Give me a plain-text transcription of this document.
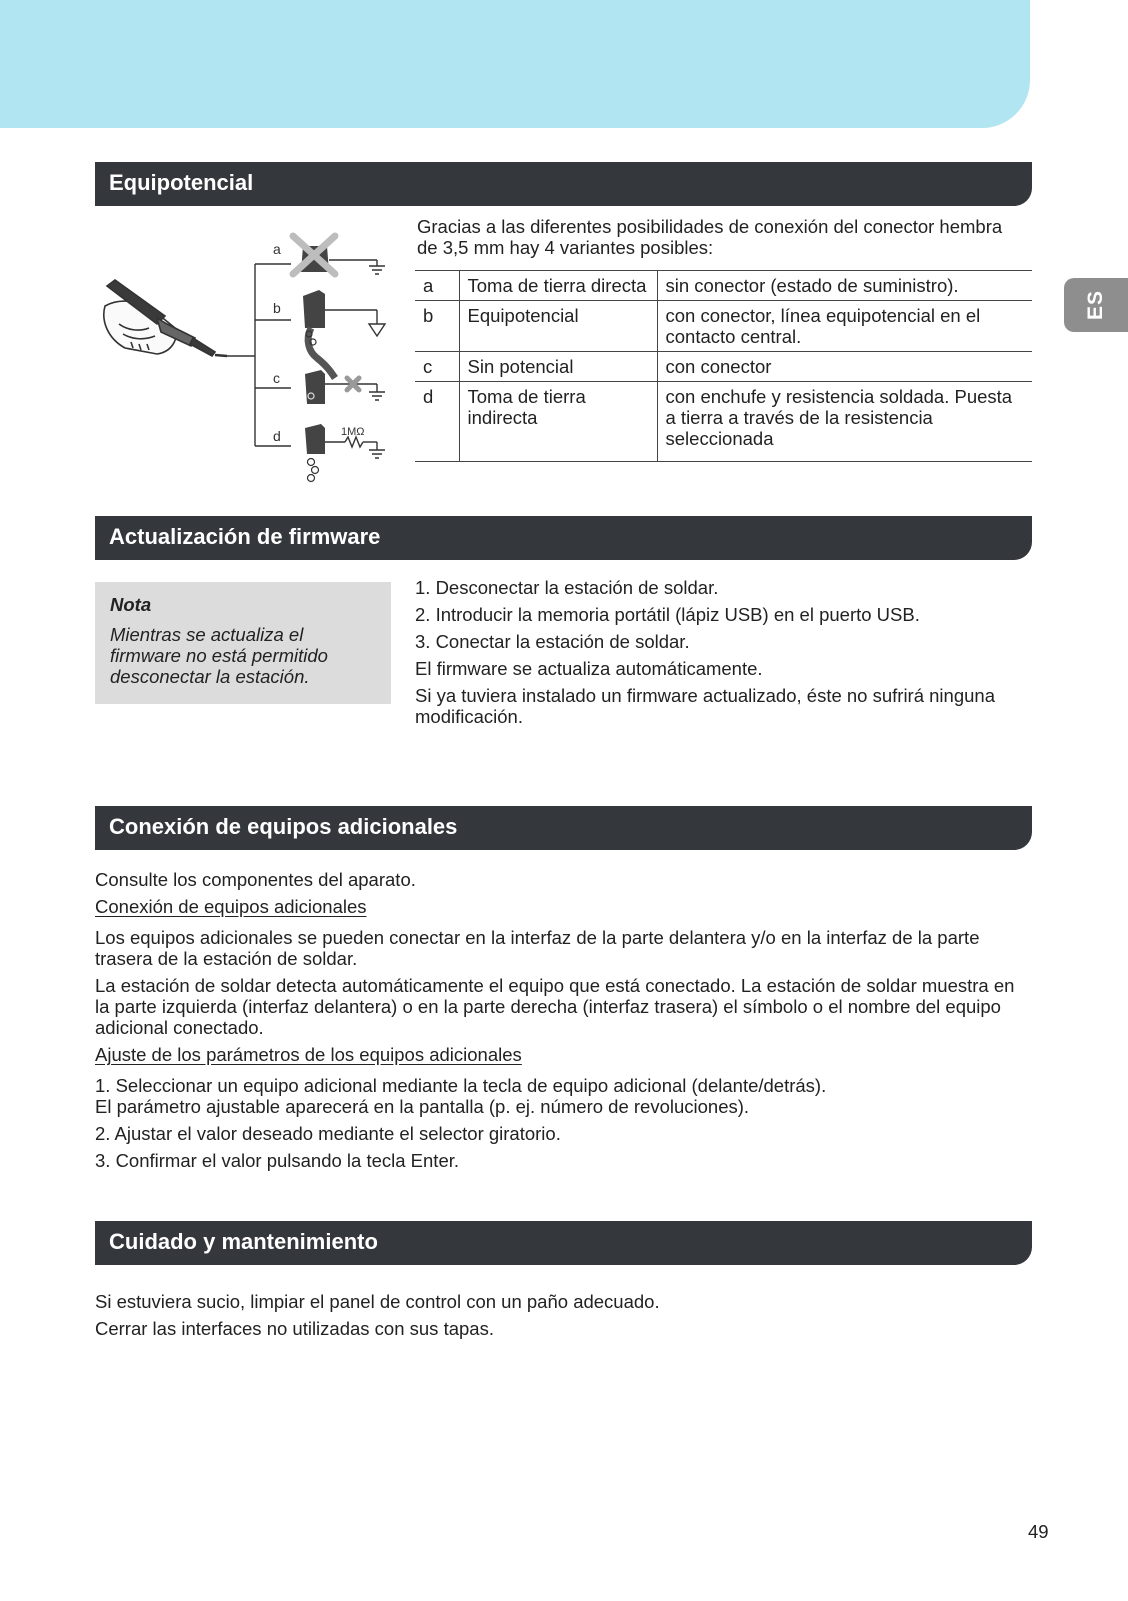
ES
Equipotencial
a
b
c
d	1MΩ
Gracias a las diferentes posibilidades de conexión del conector hembra de 3,5 mm hay 4 variantes posibles:
a	Toma de tierra directa	sin conector (estado de suministro).
b	Equipotencial	con conector, línea equipotencial en el contacto central.
c	Sin potencial	con conector
d	Toma de tierra indirecta	con enchufe y resistencia soldada. Puesta a tierra a través de la resistencia seleccionada
Actualización de firmware
Nota
Mientras se actualiza el firmware no está permitido desconectar la estación.

1. Desconectar la estación de soldar.

2. Introducir la memoria portátil (lápiz USB) en el puerto USB.

3. Conectar la estación de soldar.

El firmware se actualiza automáticamente.

Si ya tuviera instalado un firmware actualizado, éste no sufrirá ninguna modificación.

Conexión de equipos adicionales

Consulte los componentes del aparato.

Conexión de equipos adicionales

Los equipos adicionales se pueden conectar en la interfaz de la parte delantera y/o en la interfaz de la parte trasera de la estación de soldar.

La estación de soldar detecta automáticamente el equipo que está conectado. La estación de soldar muestra en la parte izquierda (interfaz delantera) o en la parte derecha (interfaz trasera) el símbolo o el nombre del equipo adicional conectado.

Ajuste de los parámetros de los equipos adicionales

1. Seleccionar un equipo adicional mediante la tecla de equipo adicional (delante/detrás).

El parámetro ajustable aparecerá en la pantalla (p. ej. número de revoluciones).

2. Ajustar el valor deseado mediante el selector giratorio.

3. Confirmar el valor pulsando la tecla Enter.

Cuidado y mantenimiento

Si estuviera sucio, limpiar el panel de control con un paño adecuado.

Cerrar las interfaces no utilizadas con sus tapas.

49
